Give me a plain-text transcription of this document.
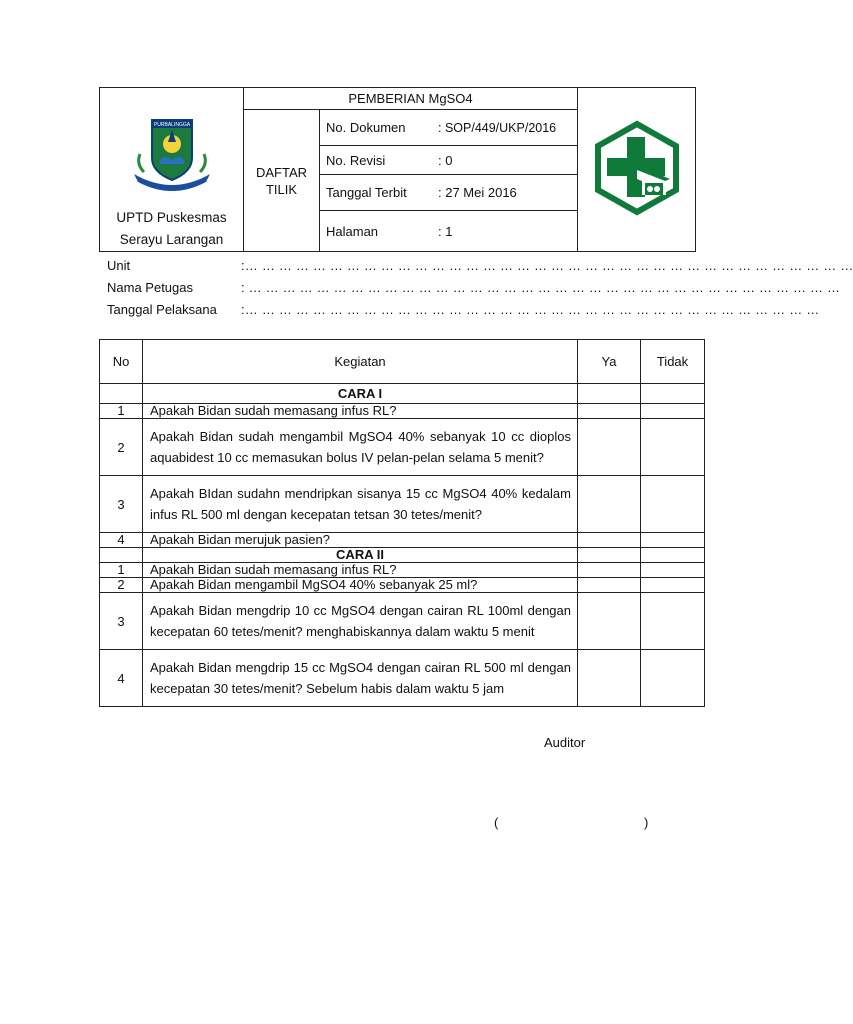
PURBALINGGA
UPTD Puskesmas
Serayu Larangan	PEMBERIAN MgSO4	

	DAFTAR
TILIK	No. Dokumen : SOP/449/UKP/2016	
		No. Revisi : 0	
		Tanggal Terbit : 27 Mei 2016	
		Halaman : 1	
Unit	:… … … … … … … … … … … … … … … … … … … … … … … … … … … … … … … … … … … …
Nama Petugas	: … … … … … … … … … … … … … … … … … … … … … … … … … … … … … … … … … … …
Tanggal Pelaksana :… … … … … … … … … … … … … … … … … … … … … … … … … … … … … … … … … …
No	Kegiatan	Ya	Tidak
	CARA I		
1	Apakah Bidan sudah memasang infus RL?		
2	Apakah Bidan sudah mengambil MgSO4 40% sebanyak 10 cc dioplos aquabidest 10 cc memasukan bolus IV pelan-pelan selama 5 menit?		
3	Apakah BIdan sudahn mendripkan sisanya 15 cc MgSO4 40% kedalam infus RL 500 ml dengan kecepatan tetsan 30 tetes/menit?		
4	Apakah Bidan merujuk pasien?		
	CARA II		
1	Apakah Bidan sudah memasang infus RL?		
2	Apakah Bidan mengambil MgSO4 40% sebanyak 25 ml?		
3	Apakah Bidan mengdrip 10 cc MgSO4 dengan cairan RL 100ml dengan kecepatan 60 tetes/menit? menghabiskannya dalam waktu 5 menit		
4	Apakah Bidan mengdrip 15 cc MgSO4 dengan cairan RL 500 ml dengan kecepatan 30 tetes/menit? Sebelum habis dalam waktu 5 jam		
Auditor
(	)
